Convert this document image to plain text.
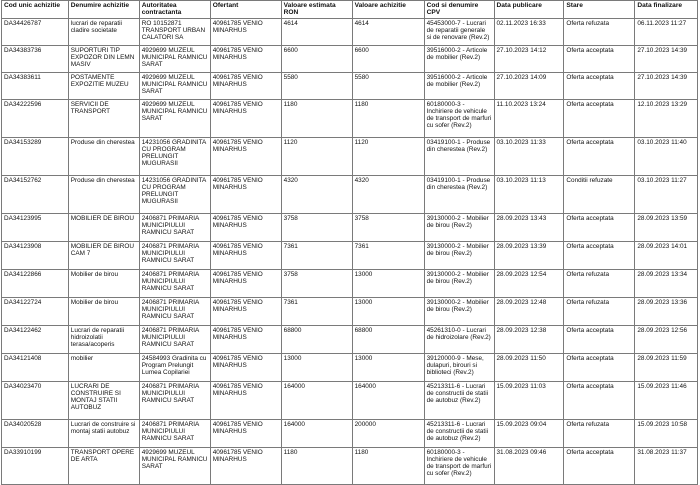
Cod unic achizitie	Denumire achizitie	Autoritatea contractanta	Ofertant	Valoare estimata RON	Valoare achizitie	Cod si denumire CPV	Data publicare	Stare	Data finalizare
DA34426787	lucrari de reparatii cladire societate	RO 10152871 TRANSPORT URBAN CALATORI SA	40961785 VENIO MINARHUS	4614	4614	45453000-7 - Lucrari de reparatii generale si de renovare (Rev.2)	02.11.2023 16:33	Oferta refuzata	06.11.2023 11:27
DA34383736	SUPORTURI TIP EXPOZOR DIN LEMN MASIV	4929699 MUZEUL MUNICIPAL RAMNICU SARAT	40961785 VENIO MINARHUS	6600	6600	39516000-2 - Articole de mobilier (Rev.2)	27.10.2023 14:12	Oferta acceptata	27.10.2023 14:39
DA34383611	POSTAMENTE EXPOZITIE MUZEU	4929699 MUZEUL MUNICIPAL RAMNICU SARAT	40961785 VENIO MINARHUS	5580	5580	39516000-2 - Articole de mobilier (Rev.2)	27.10.2023 14:09	Oferta acceptata	27.10.2023 14:39
DA34222596	SERVICII DE TRANSPORT	4929699 MUZEUL MUNICIPAL RAMNICU SARAT	40961785 VENIO MINARHUS	1180	1180	60180000-3 - Inchiriere de vehicule de transport de marfuri cu sofer (Rev.2)	11.10.2023 13:24	Oferta acceptata	12.10.2023 13:29
DA34153289	Produse din cherestea	14231056 GRADINITA CU PROGRAM PRELUNGIT MUGURASII	40961785 VENIO MINARHUS	1120	1120	03419100-1 - Produse din cherestea (Rev.2)	03.10.2023 11:33	Oferta acceptata	03.10.2023 11:40
DA34152762	Produse din cherestea	14231056 GRADINITA CU PROGRAM PRELUNGIT MUGURASII	40961785 VENIO MINARHUS	4320	4320	03419100-1 - Produse din cherestea (Rev.2)	03.10.2023 11:13	Conditii refuzate	03.10.2023 11:27
DA34123995	MOBILIER DE BIROU	2406871 PRIMARIA MUNICIPIULUI RAMNICU SARAT	40961785 VENIO MINARHUS	3758	3758	39130000-2 - Mobilier de birou (Rev.2)	28.09.2023 13:43	Oferta acceptata	28.09.2023 13:59
DA34123908	MOBILIER DE BIROU CAM 7	2406871 PRIMARIA MUNICIPIULUI RAMNICU SARAT	40961785 VENIO MINARHUS	7361	7361	39130000-2 - Mobilier de birou (Rev.2)	28.09.2023 13:39	Oferta acceptata	28.09.2023 14:01
DA34122866	Mobilier de birou	2406871 PRIMARIA MUNICIPIULUI RAMNICU SARAT	40961785 VENIO MINARHUS	3758	13000	39130000-2 - Mobilier de birou (Rev.2)	28.09.2023 12:54	Oferta refuzata	28.09.2023 13:34
DA34122724	Mobilier de birou	2406871 PRIMARIA MUNICIPIULUI RAMNICU SARAT	40961785 VENIO MINARHUS	7361	13000	39130000-2 - Mobilier de birou (Rev.2)	28.09.2023 12:48	Oferta refuzata	28.09.2023 13:36
DA34122462	Lucrari de reparatii hidroizolatii terasa/acoperis	2406871 PRIMARIA MUNICIPIULUI RAMNICU SARAT	40961785 VENIO MINARHUS	68800	68800	45261310-0 - Lucrari de hidroizolare (Rev.2)	28.09.2023 12:38	Oferta acceptata	28.09.2023 12:56
DA34121408	mobilier	24584993 Gradinita cu Program Prelungit Lumea Copilariei	40961785 VENIO MINARHUS	13000	13000	39120000-9 - Mese, dulapuri, birouri si biblioteci (Rev.2)	28.09.2023 11:50	Oferta acceptata	28.09.2023 11:59
DA34023470	LUCRARI DE CONSTRUIRE SI MONTAJ STATII AUTOBUZ	2406871 PRIMARIA MUNICIPIULUI RAMNICU SARAT	40961785 VENIO MINARHUS	164000	164000	45213311-6 - Lucrari de constructii de statii de autobuz (Rev.2)	15.09.2023 11:03	Oferta acceptata	15.09.2023 11:46
DA34020528	Lucrari de construire si montaj statii autobuz	2406871 PRIMARIA MUNICIPIULUI RAMNICU SARAT	40961785 VENIO MINARHUS	164000	200000	45213311-6 - Lucrari de constructii de statii de autobuz (Rev.2)	15.09.2023 09:04	Oferta refuzata	15.09.2023 10:58
DA33910199	TRANSPORT OPERE DE ARTA	4929699 MUZEUL MUNICIPAL RAMNICU SARAT	40961785 VENIO MINARHUS	1180	1180	60180000-3 - Inchiriere de vehicule de transport de marfuri cu sofer (Rev.2)	31.08.2023 09:46	Oferta acceptata	31.08.2023 11:37
